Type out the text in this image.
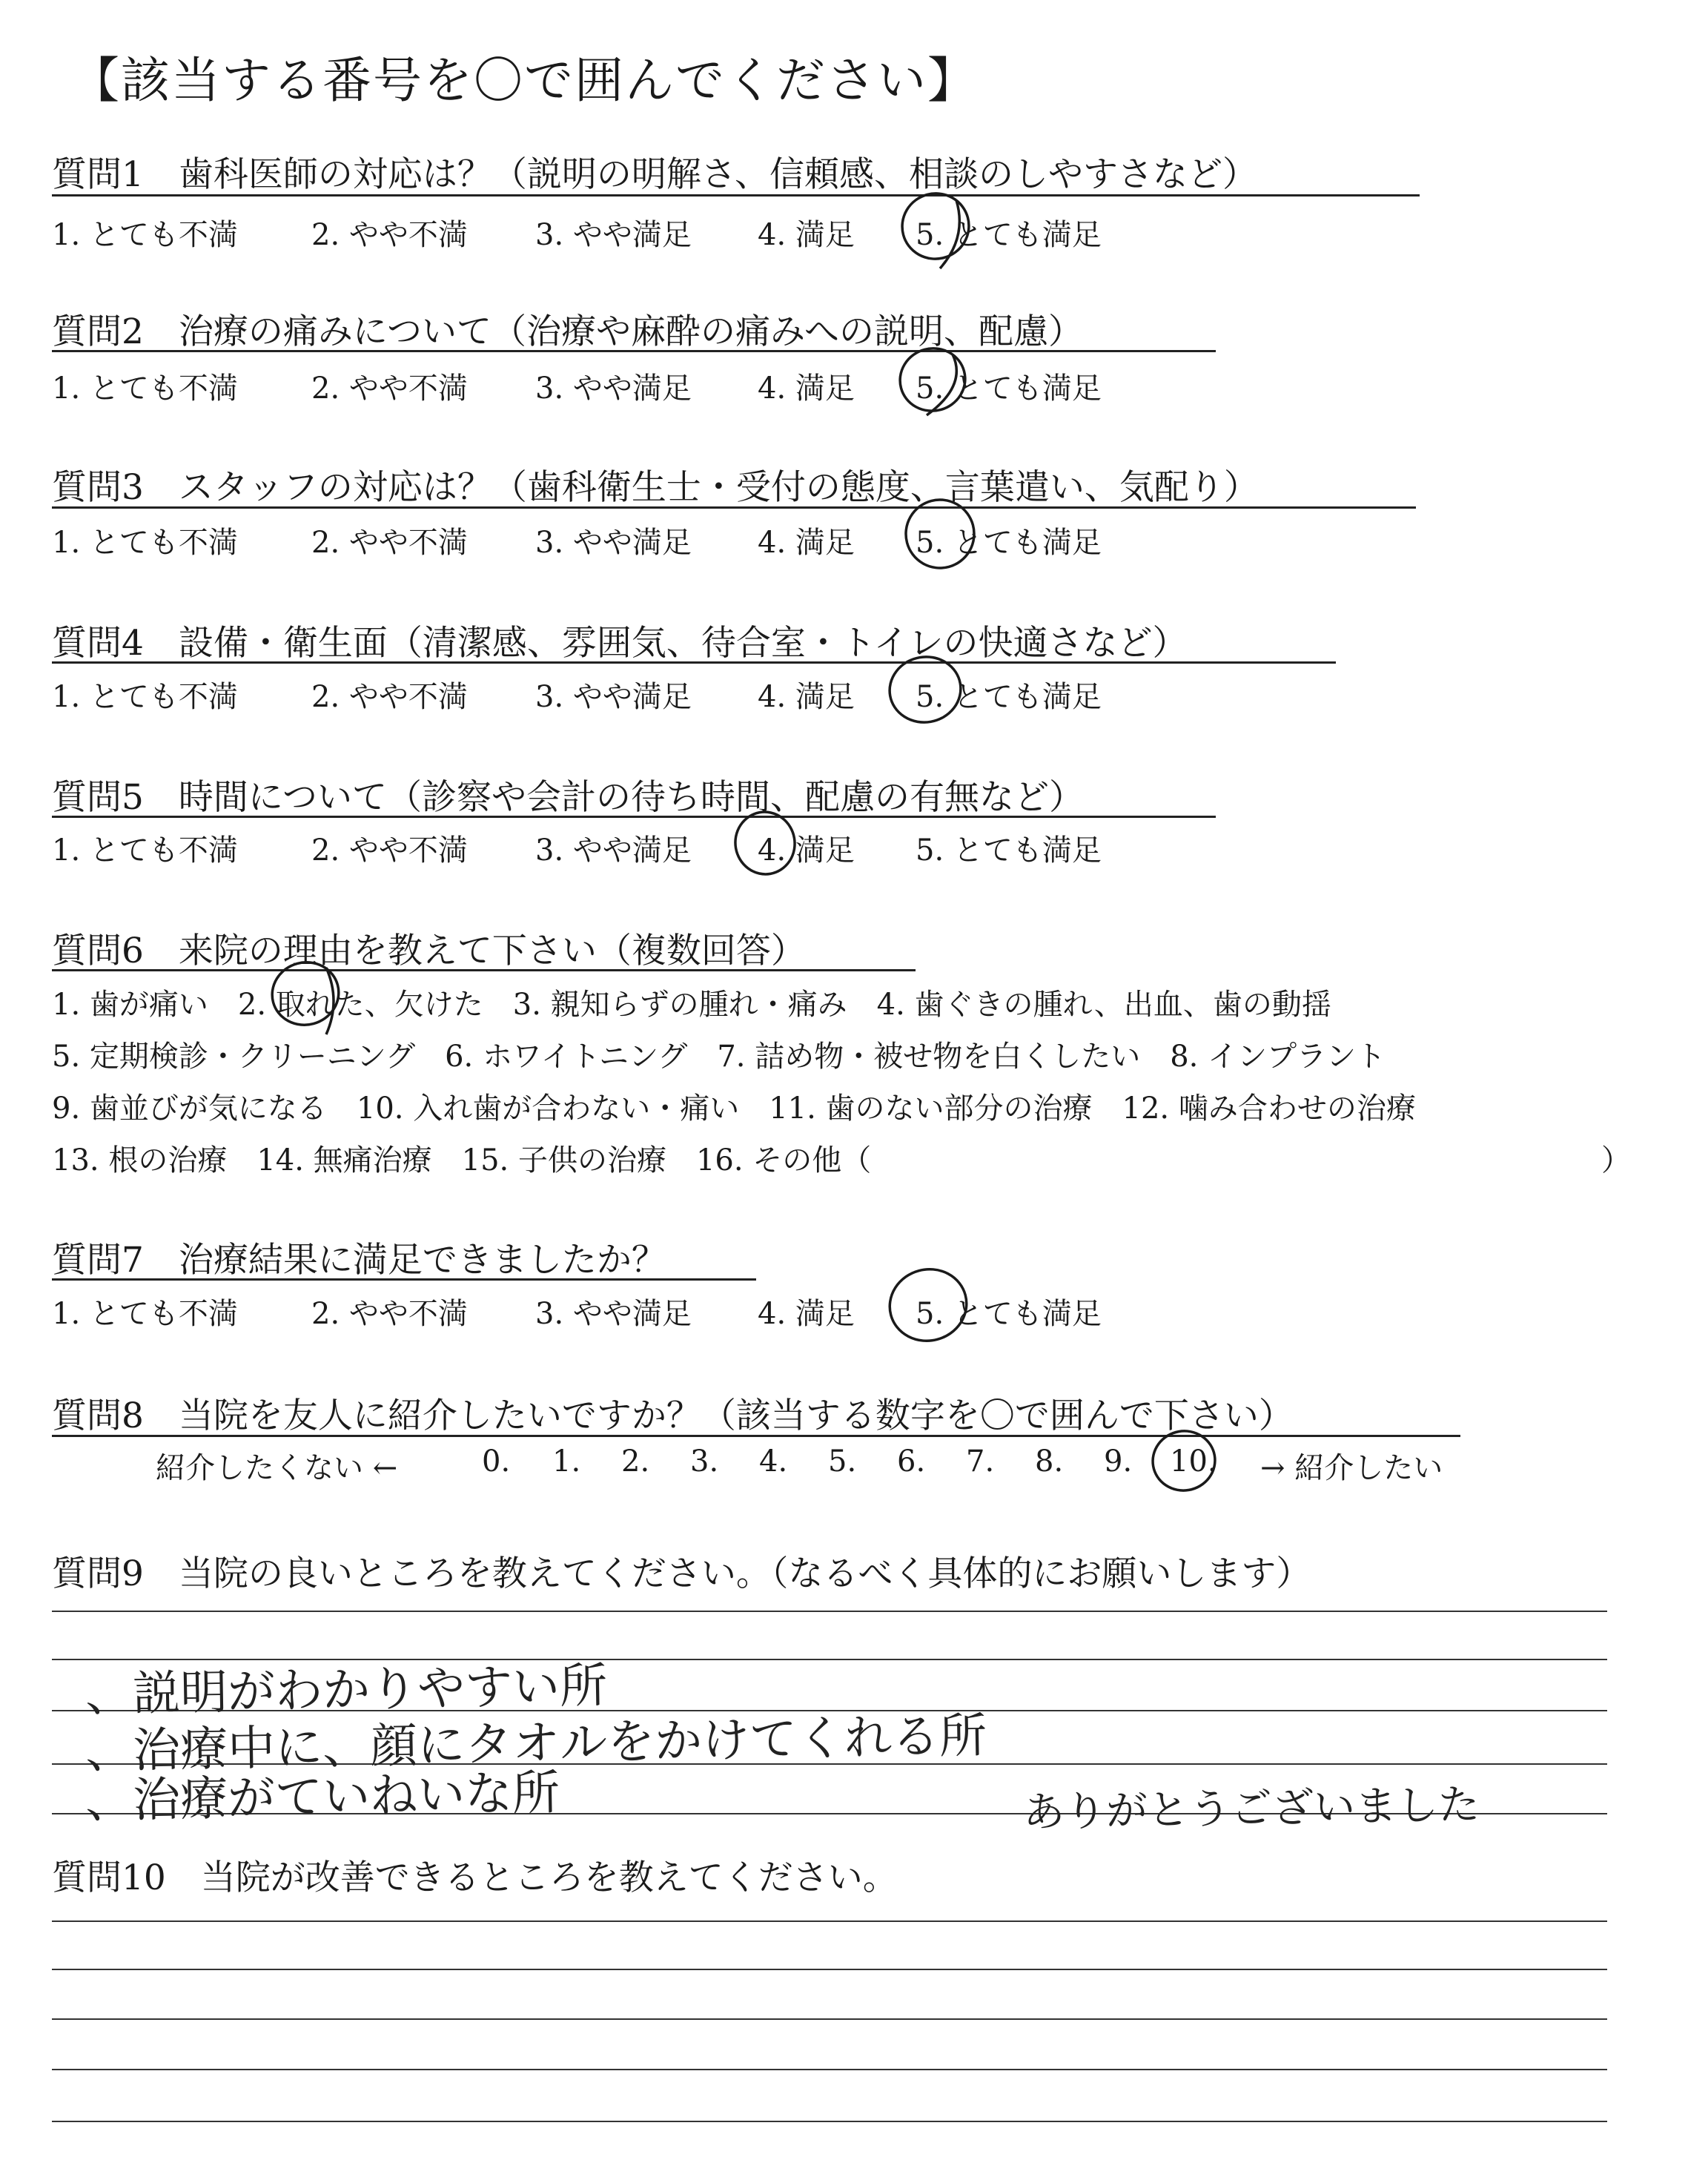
【該当する番号を〇で囲んでください】
質問1　歯科医師の対応は？（説明の明解さ、信頼感、相談のしやすさなど）
1. とても不満 2. やや不満 3. やや満足 4. 満足 5. とても満足
質問2　治療の痛みについて（治療や麻酔の痛みへの説明、配慮）
1. とても不満 2. やや不満 3. やや満足 4. 満足 5. とても満足
質問3　スタッフの対応は？（歯科衛生士・受付の態度、言葉遣い、気配り）
1. とても不満 2. やや不満 3. やや満足 4. 満足 5. とても満足
質問4　設備・衛生面（清潔感、雰囲気、待合室・トイレの快適さなど）
1. とても不満 2. やや不満 3. やや満足 4. 満足 5. とても満足
質問5　時間について（診察や会計の待ち時間、配慮の有無など）
1. とても不満 2. やや不満 3. やや満足 4. 満足 5. とても満足
質問6　来院の理由を教えて下さい（複数回答）
1. 歯が痛い　2. 取れた、欠けた　3. 親知らずの腫れ・痛み　4. 歯ぐきの腫れ、出血、歯の動揺
5. 定期検診・クリーニング　6. ホワイトニング　7. 詰め物・被せ物を白くしたい　8. インプラント
9. 歯並びが気になる　10. 入れ歯が合わない・痛い　11. 歯のない部分の治療　12. 噛み合わせの治療
13. 根の治療　14. 無痛治療　15. 子供の治療　16. その他（	）
質問7　治療結果に満足できましたか？
1. とても不満 2. やや不満 3. やや満足 4. 満足 5. とても満足
質問8　当院を友人に紹介したいですか？（該当する数字を〇で囲んで下さい）
紹介したくない ←	0. 1. 2. 3. 4. 5. 6. 7. 8. 9. 10. → 紹介したい
質問9　当院の良いところを教えてください。（なるべく具体的にお願いします）
、説明がわかりやすい所
、治療中に、顔にタオルをかけてくれる所
、治療がていねいな所	ありがとうございました
質問10　当院が改善できるところを教えてください。
